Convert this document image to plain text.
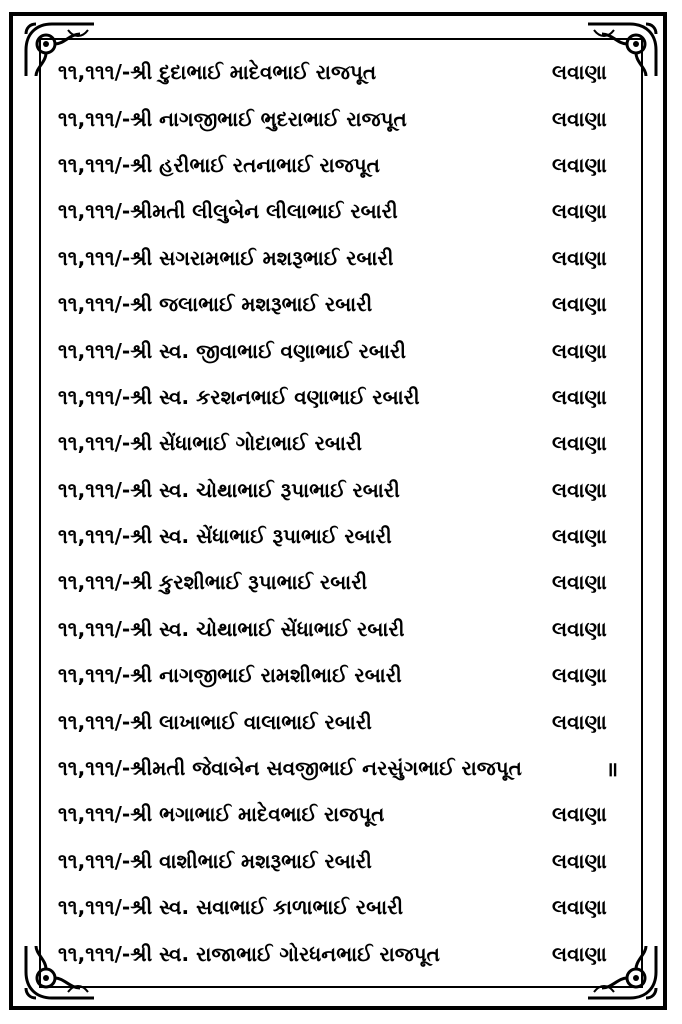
૧૧,૧૧૧/- શ્રી દુદાભાઈ માદેવભાઈ રાજપૂત	લવાણા
૧૧,૧૧૧/- શ્રી નાગજીભાઈ ભુદરાભાઈ રાજપૂત	લવાણા
૧૧,૧૧૧/- શ્રી હરીભાઈ રતનાભાઈ રાજપૂત	લવાણા
૧૧,૧૧૧/- શ્રીમતી લીલુબેન લીલાભાઈ રબારી	લવાણા
૧૧,૧૧૧/- શ્રી સગરામભાઈ મશરૂભાઈ રબારી	લવાણા
૧૧,૧૧૧/- શ્રી જલાભાઈ મશરૂભાઈ રબારી	લવાણા
૧૧,૧૧૧/- શ્રી સ્વ. જીવાભાઈ વણાભાઈ રબારી	લવાણા
૧૧,૧૧૧/- શ્રી સ્વ. કરશનભાઈ વણાભાઈ રબારી	લવાણા
૧૧,૧૧૧/- શ્રી સેંધાભાઈ ગોદાભાઈ રબારી	લવાણા
૧૧,૧૧૧/- શ્રી સ્વ. ચોથાભાઈ રૂપાભાઈ રબારી	લવાણા
૧૧,૧૧૧/- શ્રી સ્વ. સેંધાભાઈ રૂપાભાઈ રબારી	લવાણા
૧૧,૧૧૧/- શ્રી કુરશીભાઈ રૂપાભાઈ રબારી	લવાણા
૧૧,૧૧૧/- શ્રી સ્વ. ચોથાભાઈ સેંધાભાઈ રબારી	લવાણા
૧૧,૧૧૧/- શ્રી નાગજીભાઈ રામશીભાઈ રબારી	લવાણા
૧૧,૧૧૧/- શ્રી લાખાભાઈ વાલાભાઈ રબારી	લવાણા
૧૧,૧૧૧/- શ્રીમતી જેવાબેન સવજીભાઈ નરસુંગભાઈ રાજપૂત	॥
૧૧,૧૧૧/- શ્રી ભગાભાઈ માદેવભાઈ રાજપૂત	લવાણા
૧૧,૧૧૧/- શ્રી વાશીભાઈ મશરૂભાઈ રબારી	લવાણા
૧૧,૧૧૧/- શ્રી સ્વ. સવાભાઈ કાળાભાઈ રબારી	લવાણા
૧૧,૧૧૧/- શ્રી સ્વ. રાજાભાઈ ગોરધનભાઈ રાજપૂત	લવાણા
